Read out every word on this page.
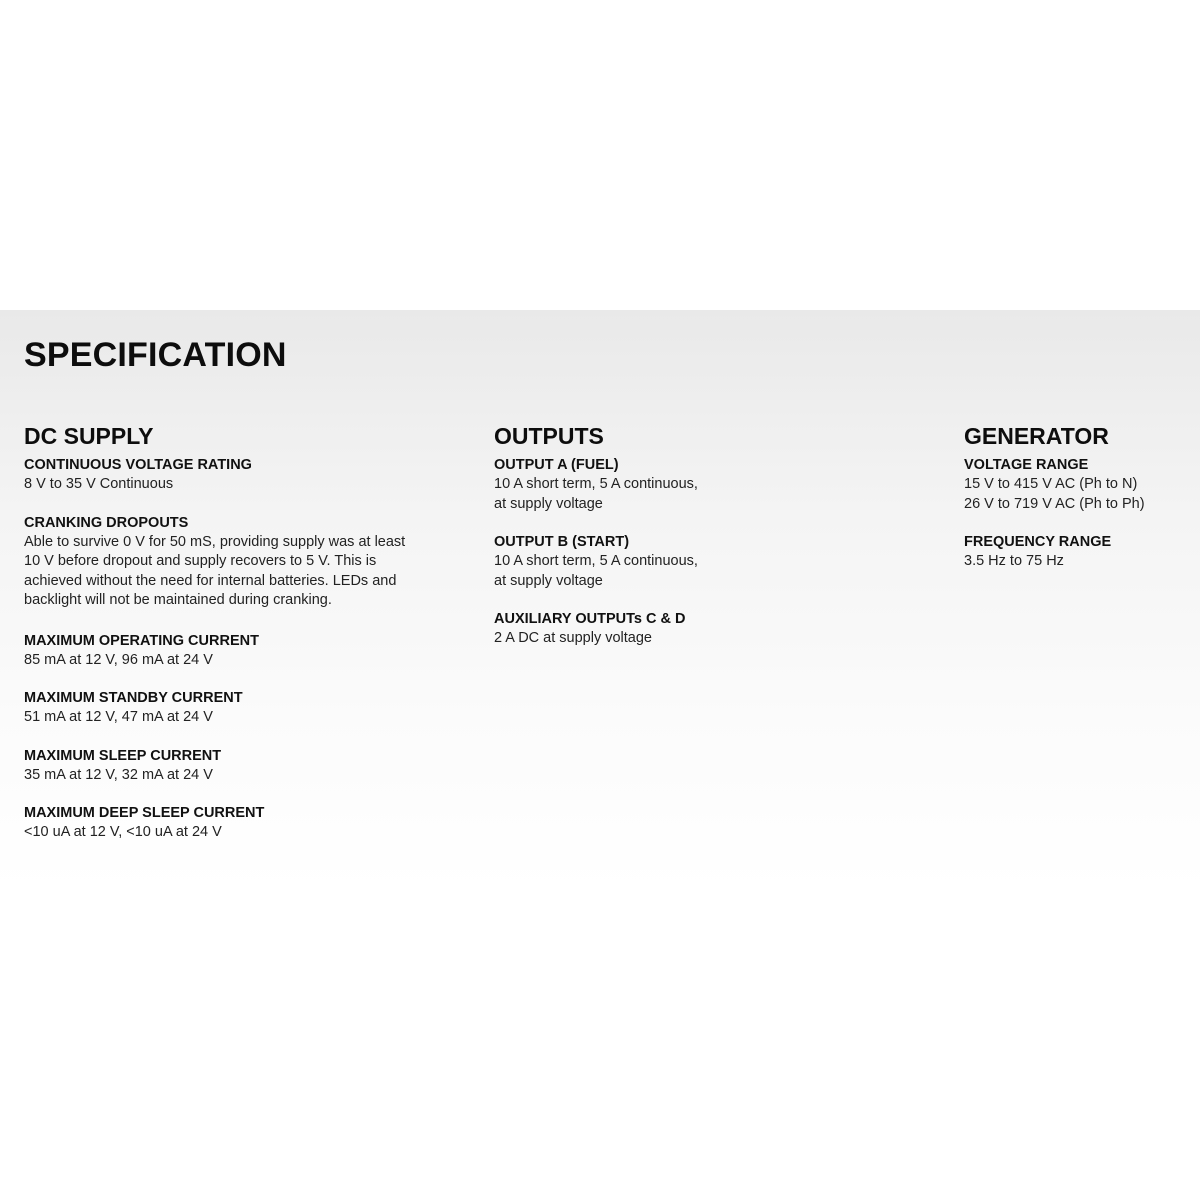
SPECIFICATION
DC SUPPLY
CONTINUOUS VOLTAGE RATING
8 V to 35 V Continuous
CRANKING DROPOUTS
Able to survive 0 V for 50 mS, providing supply was at least
10 V before dropout and supply recovers to 5 V. This is
achieved without the need for internal batteries. LEDs and
backlight will not be maintained during cranking.
MAXIMUM OPERATING CURRENT
85 mA at 12 V, 96 mA at 24 V
MAXIMUM STANDBY CURRENT
51 mA at 12 V, 47 mA at 24 V
MAXIMUM SLEEP CURRENT
35 mA at 12 V, 32 mA at 24 V
MAXIMUM DEEP SLEEP CURRENT
<10 uA at 12 V, <10 uA at 24 V
OUTPUTS
OUTPUT A (FUEL)
10 A short term, 5 A continuous,
at supply voltage
OUTPUT B (START)
10 A short term, 5 A continuous,
at supply voltage
AUXILIARY OUTPUTs C & D
2 A DC at supply voltage
GENERATOR
VOLTAGE RANGE
15 V to 415 V AC (Ph to N)
26 V to 719 V AC (Ph to Ph)
FREQUENCY RANGE
3.5 Hz to 75 Hz
